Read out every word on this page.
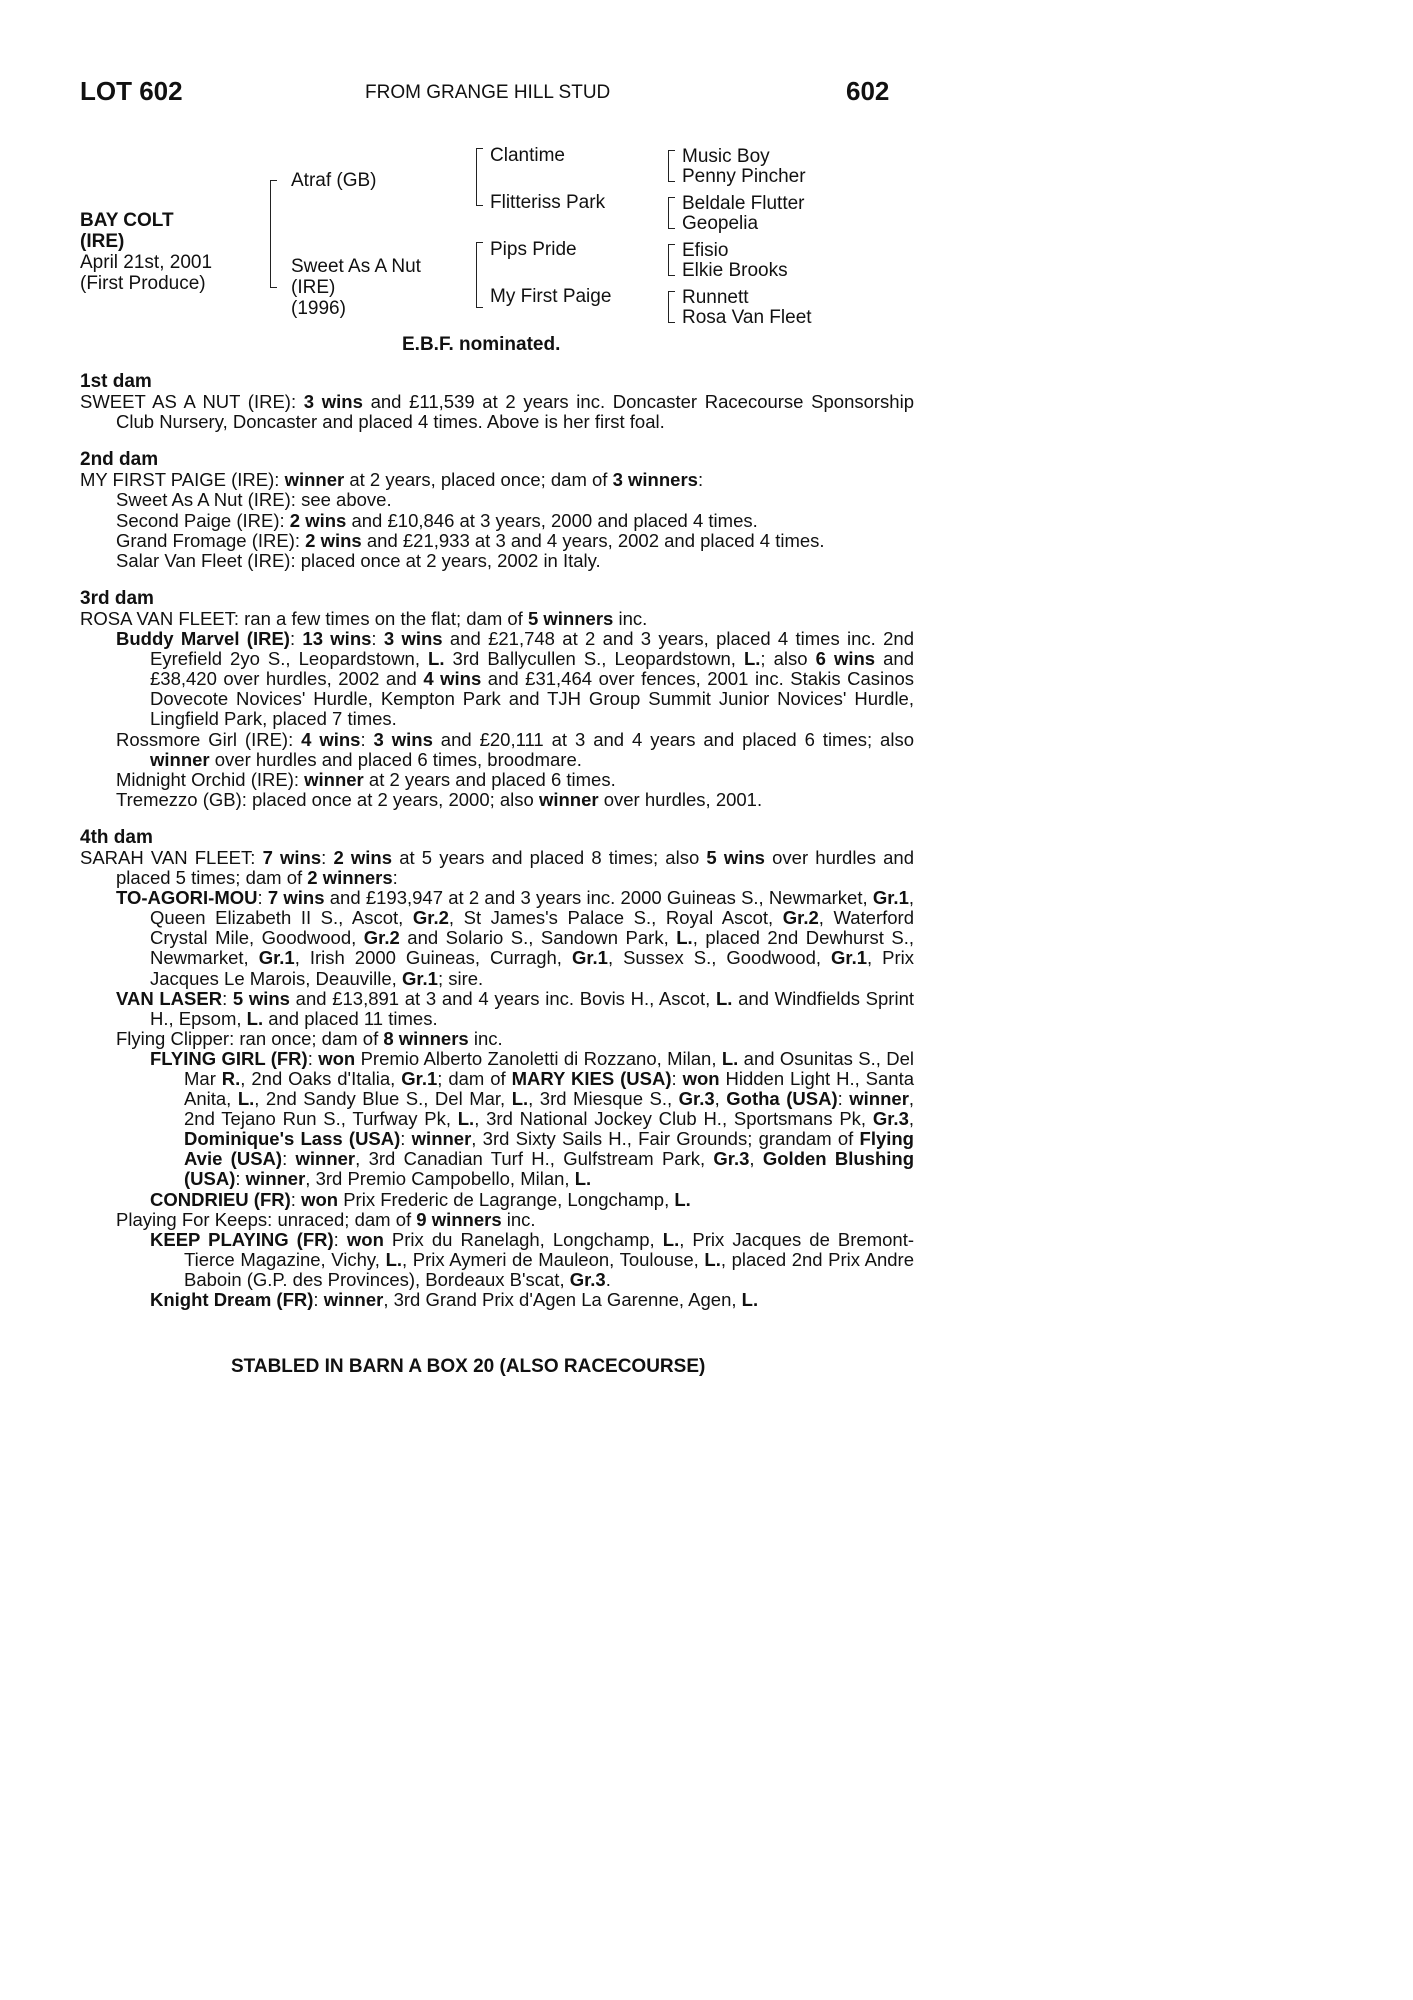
LOT 602	FROM GRANGE HILL STUD	602
BAY COLT
(IRE)
April 21st, 2001
(First Produce)
Atraf (GB)
Sweet As A Nut
(IRE)
(1996)
Clantime
Flitteriss Park
Pips Pride
My First Paige
Music Boy
Penny Pincher
Beldale Flutter
Geopelia
Efisio
Elkie Brooks
Runnett
Rosa Van Fleet
E.B.F. nominated.
1st dam
SWEET AS A NUT (IRE): 3 wins and £11,539 at 2 years inc. Doncaster Racecourse Sponsorship Club Nursery, Doncaster and placed 4 times. Above is her first foal.
2nd dam
MY FIRST PAIGE (IRE): winner at 2 years, placed once; dam of 3 winners:
Sweet As A Nut (IRE): see above.
Second Paige (IRE): 2 wins and £10,846 at 3 years, 2000 and placed 4 times.
Grand Fromage (IRE): 2 wins and £21,933 at 3 and 4 years, 2002 and placed 4 times.
Salar Van Fleet (IRE): placed once at 2 years, 2002 in Italy.
3rd dam
ROSA VAN FLEET: ran a few times on the flat; dam of 5 winners inc.
Buddy Marvel (IRE): 13 wins: 3 wins and £21,748 at 2 and 3 years, placed 4 times inc. 2nd Eyrefield 2yo S., Leopardstown, L. 3rd Ballycullen S., Leopardstown, L.; also 6 wins and £38,420 over hurdles, 2002 and 4 wins and £31,464 over fences, 2001 inc. Stakis Casinos Dovecote Novices' Hurdle, Kempton Park and TJH Group Summit Junior Novices' Hurdle, Lingfield Park, placed 7 times.
Rossmore Girl (IRE): 4 wins: 3 wins and £20,111 at 3 and 4 years and placed 6 times; also winner over hurdles and placed 6 times, broodmare.
Midnight Orchid (IRE): winner at 2 years and placed 6 times.
Tremezzo (GB): placed once at 2 years, 2000; also winner over hurdles, 2001.
4th dam
SARAH VAN FLEET: 7 wins: 2 wins at 5 years and placed 8 times; also 5 wins over hurdles and placed 5 times; dam of 2 winners:
TO-AGORI-MOU: 7 wins and £193,947 at 2 and 3 years inc. 2000 Guineas S., Newmarket, Gr.1, Queen Elizabeth II S., Ascot, Gr.2, St James's Palace S., Royal Ascot, Gr.2, Waterford Crystal Mile, Goodwood, Gr.2 and Solario S., Sandown Park, L., placed 2nd Dewhurst S., Newmarket, Gr.1, Irish 2000 Guineas, Curragh, Gr.1, Sussex S., Goodwood, Gr.1, Prix Jacques Le Marois, Deauville, Gr.1; sire.
VAN LASER: 5 wins and £13,891 at 3 and 4 years inc. Bovis H., Ascot, L. and Windfields Sprint H., Epsom, L. and placed 11 times.
Flying Clipper: ran once; dam of 8 winners inc.
FLYING GIRL (FR): won Premio Alberto Zanoletti di Rozzano, Milan, L. and Osunitas S., Del Mar R., 2nd Oaks d'Italia, Gr.1; dam of MARY KIES (USA): won Hidden Light H., Santa Anita, L., 2nd Sandy Blue S., Del Mar, L., 3rd Miesque S., Gr.3, Gotha (USA): winner, 2nd Tejano Run S., Turfway Pk, L., 3rd National Jockey Club H., Sportsmans Pk, Gr.3, Dominique's Lass (USA): winner, 3rd Sixty Sails H., Fair Grounds; grandam of Flying Avie (USA): winner, 3rd Canadian Turf H., Gulfstream Park, Gr.3, Golden Blushing (USA): winner, 3rd Premio Campobello, Milan, L.
CONDRIEU (FR): won Prix Frederic de Lagrange, Longchamp, L.
Playing For Keeps: unraced; dam of 9 winners inc.
KEEP PLAYING (FR): won Prix du Ranelagh, Longchamp, L., Prix Jacques de Bremont-Tierce Magazine, Vichy, L., Prix Aymeri de Mauleon, Toulouse, L., placed 2nd Prix Andre Baboin (G.P. des Provinces), Bordeaux B'scat, Gr.3.
Knight Dream (FR): winner, 3rd Grand Prix d'Agen La Garenne, Agen, L.
STABLED IN BARN A BOX 20 (ALSO RACECOURSE)
